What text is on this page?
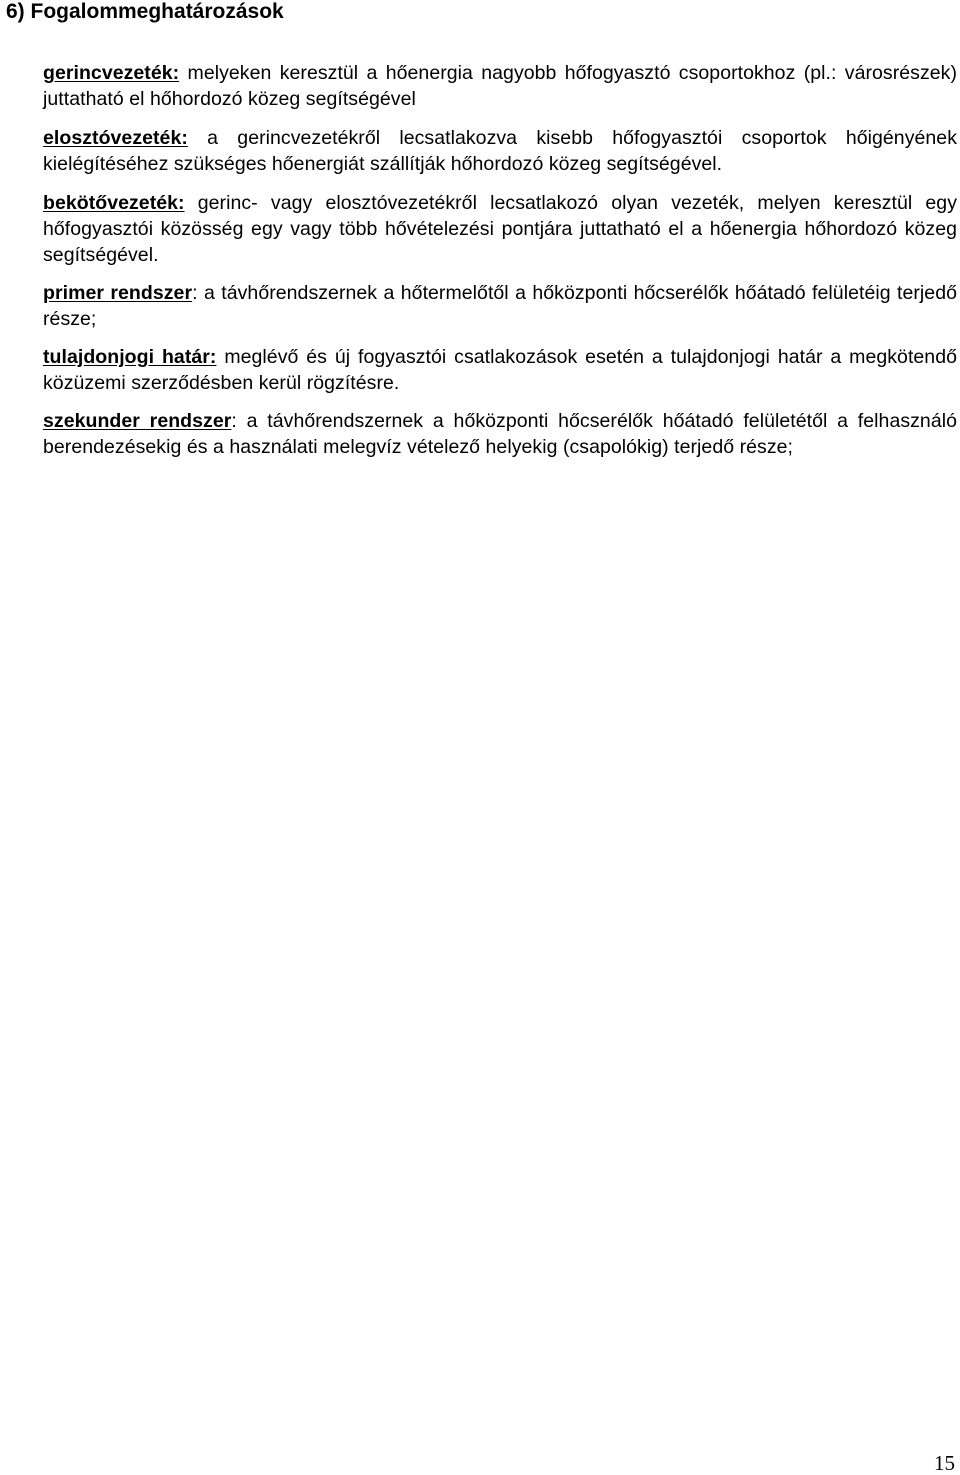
6) Fogalommeghatározások

gerincvezeték: melyeken keresztül a hőenergia nagyobb hőfogyasztó csoportokhoz (pl.: városrészek) juttatható el hőhordozó közeg segítségével

elosztóvezeték: a gerincvezetékről lecsatlakozva kisebb hőfogyasztói csoportok hőigényének kielégítéséhez szükséges hőenergiát szállítják hőhordozó közeg segítségével.

bekötővezeték: gerinc- vagy elosztóvezetékről lecsatlakozó olyan vezeték, melyen keresztül egy hőfogyasztói közösség egy vagy több hővételezési pontjára juttatható el a hőenergia hőhordozó közeg segítségével.

primer rendszer: a távhőrendszernek a hőtermelőtől a hőközponti hőcserélők hőátadó felületéig terjedő része;

tulajdonjogi határ: meglévő és új fogyasztói csatlakozások esetén a tulajdonjogi határ a megkötendő közüzemi szerződésben kerül rögzítésre.

szekunder rendszer: a távhőrendszernek a hőközponti hőcserélők hőátadó felületétől a felhasználó berendezésekig és a használati melegvíz vételező helyekig (csapolókig) terjedő része;

15
